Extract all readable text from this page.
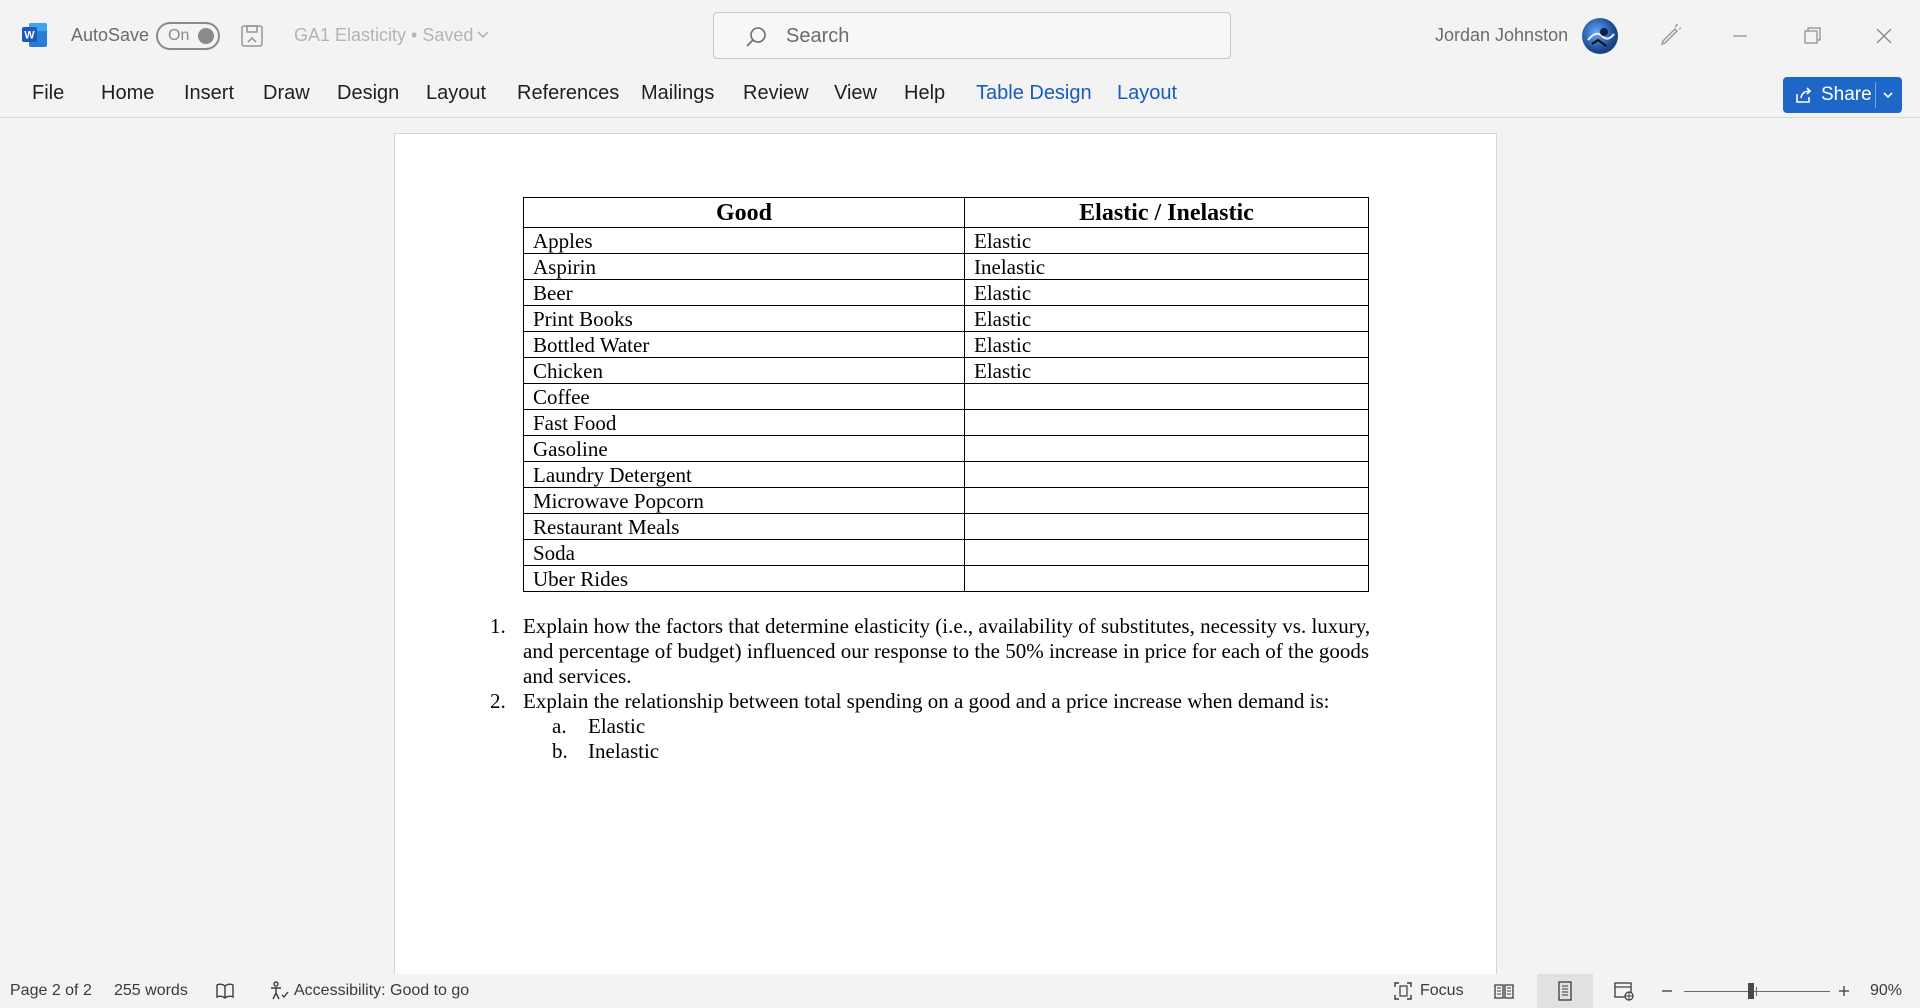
W AutoSave On	GA1 Elasticity • Saved	Search	Jordan Johnston
File Home Insert Draw Design Layout References Mailings Review View Help Table Design Layout	Share
Good	Elastic / Inelastic
Apples	Elastic
Aspirin	Inelastic
Beer	Elastic
Print Books	Elastic
Bottled Water	Elastic
Chicken	Elastic
Coffee	
Fast Food	
Gasoline	
Laundry Detergent	
Microwave Popcorn	
Restaurant Meals	
Soda	
Uber Rides	

1. Explain how the factors that determine elasticity (i.e., availability of substitutes, necessity vs. luxury, and percentage of budget) influenced our response to the 50% increase in price for each of the goods and services.

2. Explain the relationship between total spending on a good and a price increase when demand is:

a. Elastic

b. Inelastic

Page 2 of 2 255 words	Accessibility: Good to go	Focus	90%
